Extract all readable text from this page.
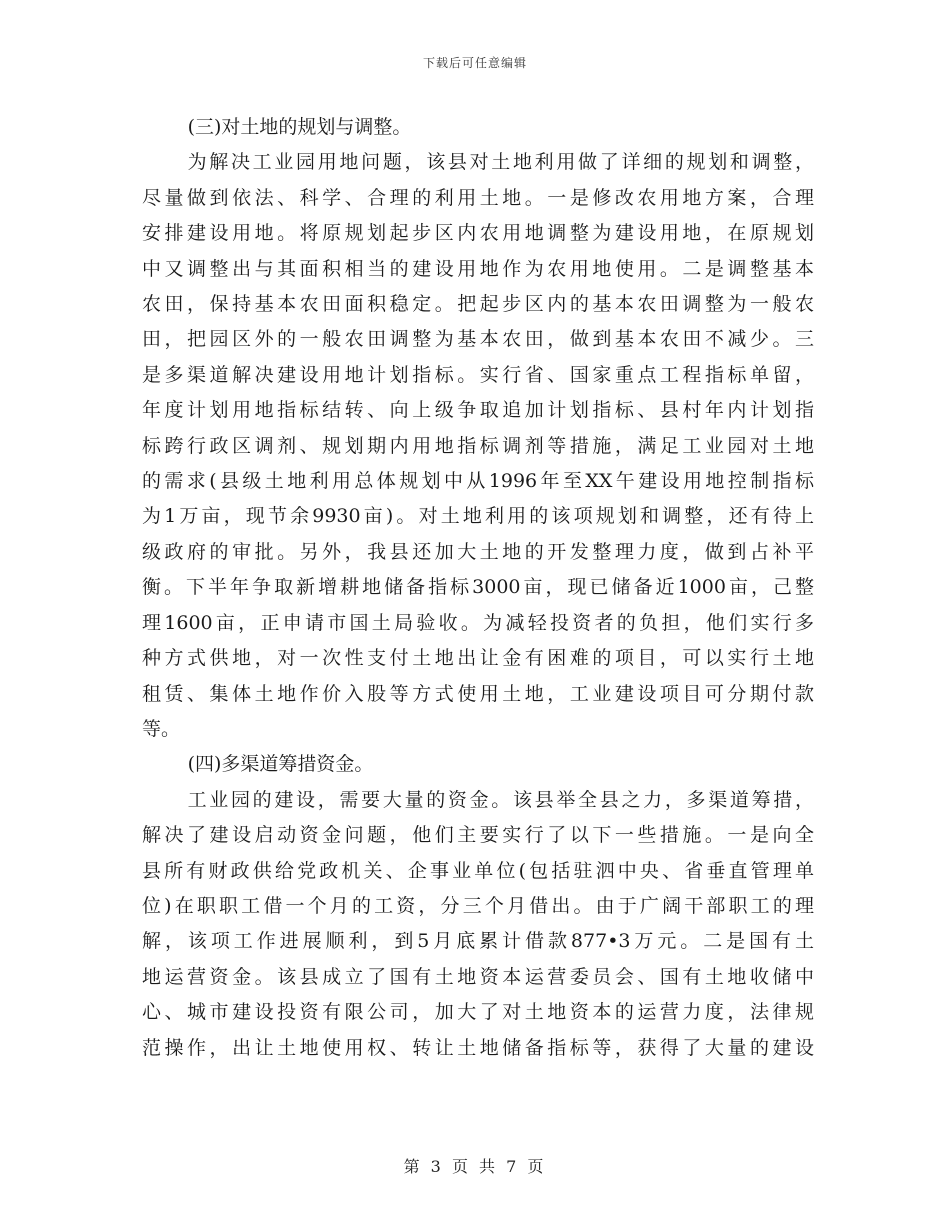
下载后可任意编辑

(三)对土地的规划与调整。

为解决工业园用地问题，该县对土地利用做了详细的规划和调整，
尽量做到依法、科学、合理的利用土地。一是修改农用地方案，合理
安排建设用地。将原规划起步区内农用地调整为建设用地，在原规划
中又调整出与其面积相当的建设用地作为农用地使用。二是调整基本
农田，保持基本农田面积稳定。把起步区内的基本农田调整为一般农
田，把园区外的一般农田调整为基本农田，做到基本农田不减少。三
是多渠道解决建设用地计划指标。实行省、国家重点工程指标单留，
年度计划用地指标结转、向上级争取追加计划指标、县村年内计划指
标跨行政区调剂、规划期内用地指标调剂等措施，满足工业园对土地
的需求(县级土地利用总体规划中从1996年至XX午建设用地控制指标
为1万亩，现节余9930亩)。对土地利用的该项规划和调整，还有待上
级政府的审批。另外，我县还加大土地的开发整理力度，做到占补平
衡。下半年争取新增耕地储备指标3000亩，现已储备近1000亩，己整
理1600亩，正申请市国土局验收。为减轻投资者的负担，他们实行多
种方式供地，对一次性支付土地出让金有困难的项目，可以实行土地
租赁、集体土地作价入股等方式使用土地，工业建设项目可分期付款
等。

(四)多渠道筹措资金。

工业园的建设，需要大量的资金。该县举全县之力，多渠道筹措，
解决了建设启动资金问题，他们主要实行了以下一些措施。一是向全
县所有财政供给党政机关、企事业单位(包括驻泗中央、省垂直管理单
位)在职职工借一个月的工资，分三个月借出。由于广阔干部职工的理
解，该项工作进展顺利，到5月底累计借款877•3万元。二是国有土
地运营资金。该县成立了国有土地资本运营委员会、国有土地收储中
心、城市建设投资有限公司，加大了对土地资本的运营力度，法律规
范操作，出让土地使用权、转让土地储备指标等，获得了大量的建设
第 3 页 共 7 页
